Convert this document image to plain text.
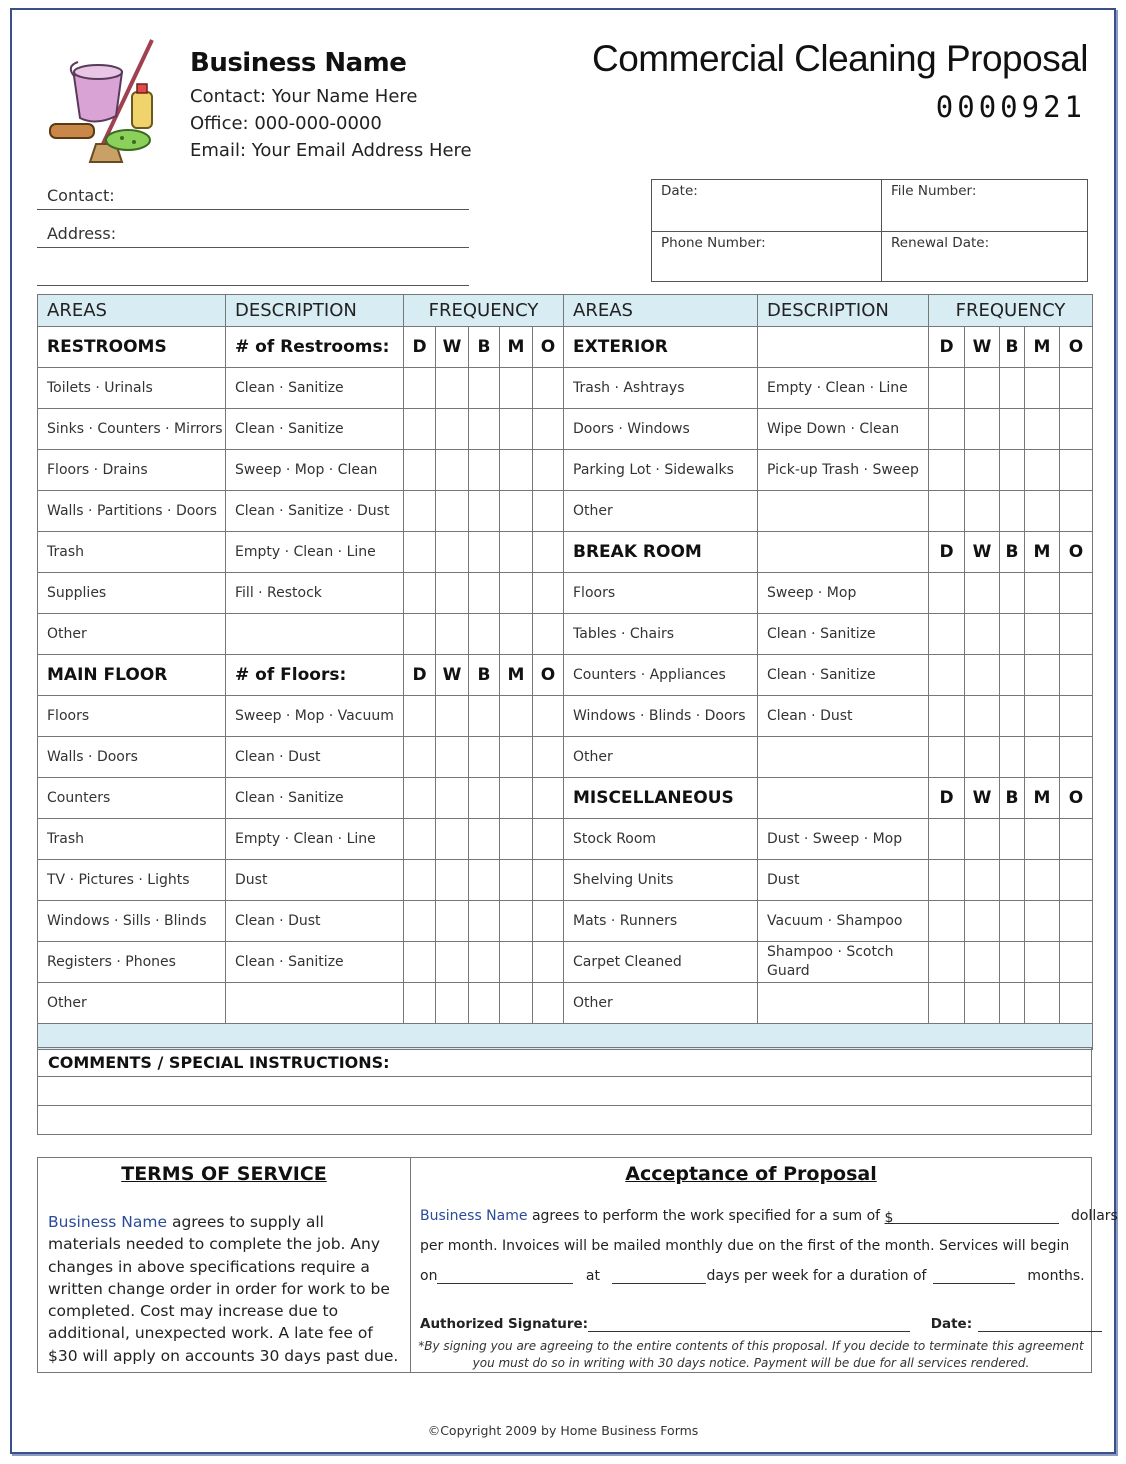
Business Name
Contact: Your Name Here
Office: 000-000-0000
Email: Your Email Address Here
Commercial Cleaning Proposal
0000921
Contact:
Address:
Date:	File Number:
Phone Number:	Renewal Date:
AREAS	DESCRIPTION	FREQUENCY					AREAS	DESCRIPTION	FREQUENCY				
RESTROOMS	# of Restrooms:	D	W	B	M	O	EXTERIOR		D	W	B	M	O
Toilets · Urinals	Clean · Sanitize						Trash · Ashtrays	Empty · Clean · Line					
Sinks · Counters · Mirrors	Clean · Sanitize						Doors · Windows	Wipe Down · Clean					
Floors · Drains	Sweep · Mop · Clean						Parking Lot · Sidewalks	Pick-up Trash · Sweep					
Walls · Partitions · Doors	Clean · Sanitize · Dust						Other						
Trash	Empty · Clean · Line						BREAK ROOM		D	W	B	M	O
Supplies	Fill · Restock						Floors	Sweep · Mop					
Other							Tables · Chairs	Clean · Sanitize					
MAIN FLOOR	# of Floors:	D	W	B	M	O	Counters · Appliances	Clean · Sanitize					
Floors	Sweep · Mop · Vacuum						Windows · Blinds · Doors	Clean · Dust					
Walls · Doors	Clean · Dust						Other						
Counters	Clean · Sanitize						MISCELLANEOUS		D	W	B	M	O
Trash	Empty · Clean · Line						Stock Room	Dust · Sweep · Mop					
TV · Pictures · Lights	Dust						Shelving Units	Dust					
Windows · Sills · Blinds	Clean · Dust						Mats · Runners	Vacuum · Shampoo					
Registers · Phones	Clean · Sanitize						Carpet Cleaned	Shampoo · Scotch Guard					
Other							Other						

COMMENTS / SPECIAL INSTRUCTIONS:
TERMS OF SERVICE
Business Name agrees to supply all materials needed to complete the job. Any changes in above specifications require a written change order in order for work to be completed. Cost may increase due to additional, unexpected work. A late fee of $30 will apply on accounts 30 days past due.
Acceptance of Proposal
Business Name agrees to perform the work specified for a sum of $	dollars
per month. Invoices will be mailed monthly due on the first of the month. Services will begin
on	at	days per week for a duration of	months.
Authorized Signature:	Date:
*By signing you are agreeing to the entire contents of this proposal. If you decide to terminate this agreement
you must do so in writing with 30 days notice. Payment will be due for all services rendered.
©Copyright 2009 by Home Business Forms
